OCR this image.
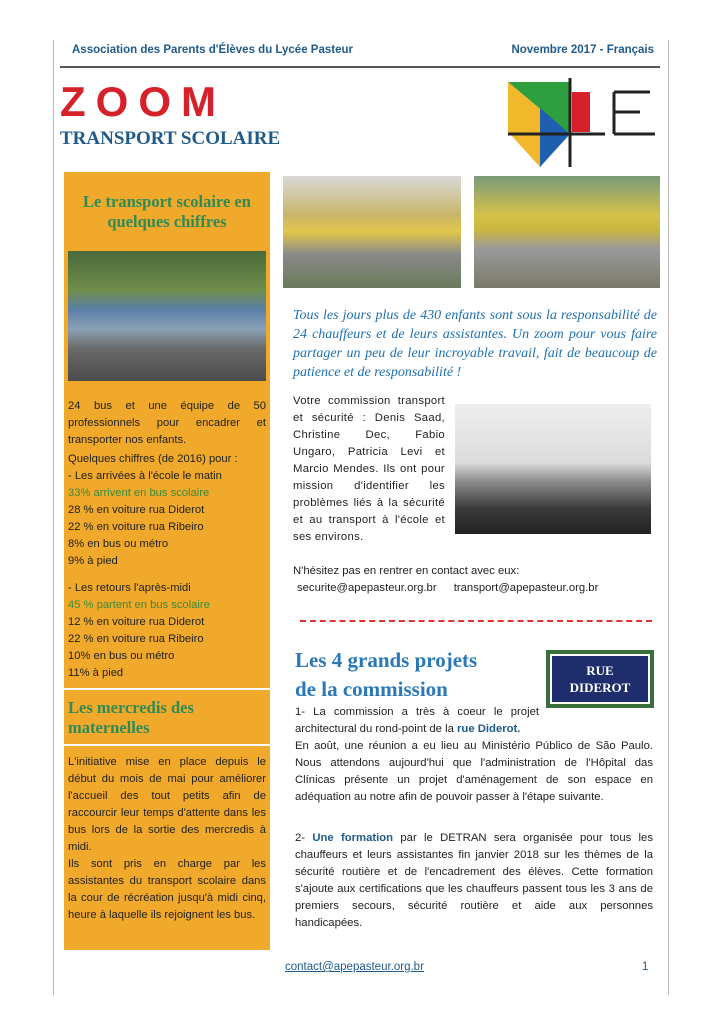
Association des Parents d'Élèves du Lycée Pasteur	Novembre 2017 - Français
ZOOM
TRANSPORT SCOLAIRE
Le transport scolaire en quelques chiffres
24 bus et une équipe de 50 professionnels pour encadrer et transporter nos enfants.
Quelques chiffres (de 2016) pour :
- Les arrivées à l'école le matin
33% arrivent en bus scolaire
28 % en voiture rua Diderot
22 % en voiture rua Ribeiro
8% en bus ou métro
9% à pied
- Les retours l'après-midi
45 % partent en bus scolaire
12 % en voiture rua Diderot
22 % en voiture rua Ribeiro
10% en bus ou métro
11% à pied
Les mercredis des maternelles
L'initiative mise en place depuis le début du mois de mai pour améliorer l'accueil des tout petits afin de raccourcir leur temps d'attente dans les bus lors de la sortie des mercredis à midi.
Ils sont pris en charge par les assistantes du transport scolaire dans la cour de récréation jusqu'à midi cinq, heure à laquelle ils rejoignent les bus.
Tous les jours plus de 430 enfants sont sous la responsabilité de 24 chauffeurs et de leurs assistantes. Un zoom pour vous faire partager un peu de leur incroyable travail, fait de beaucoup de patience et de responsabilité !
Votre commission transport et sécurité : Denis Saad, Christine Dec, Fabio Ungaro, Patricia Levi et Marcio Mendes. Ils ont pour mission d'identifier les problèmes liés à la sécurité et au transport à l'école et ses environs.
N'hésitez pas en rentrer en contact avec eux:
securite@apepasteur.org.br transport@apepasteur.org.br
Les 4 grands projets
de la commission
RUE
DIDEROT
1- La commission a très à coeur le projet architectural du rond-point de la rue Diderot.
En août, une réunion a eu lieu au Ministério Público de São Paulo. Nous attendons aujourd'hui que l'administration de l'Hôpital das Clínicas présente un projet d'aménagement de son espace en adéquation au notre afin de pouvoir passer à l'étape suivante.
2- Une formation par le DETRAN sera organisée pour tous les chauffeurs et leurs assistantes fin janvier 2018 sur les thèmes de la sécurité routière et de l'encadrement des élèves. Cette formation s'ajoute aux certifications que les chauffeurs passent tous les 3 ans de premiers secours, sécurité routière et aide aux personnes handicapées.
contact@apepasteur.org.br	1
